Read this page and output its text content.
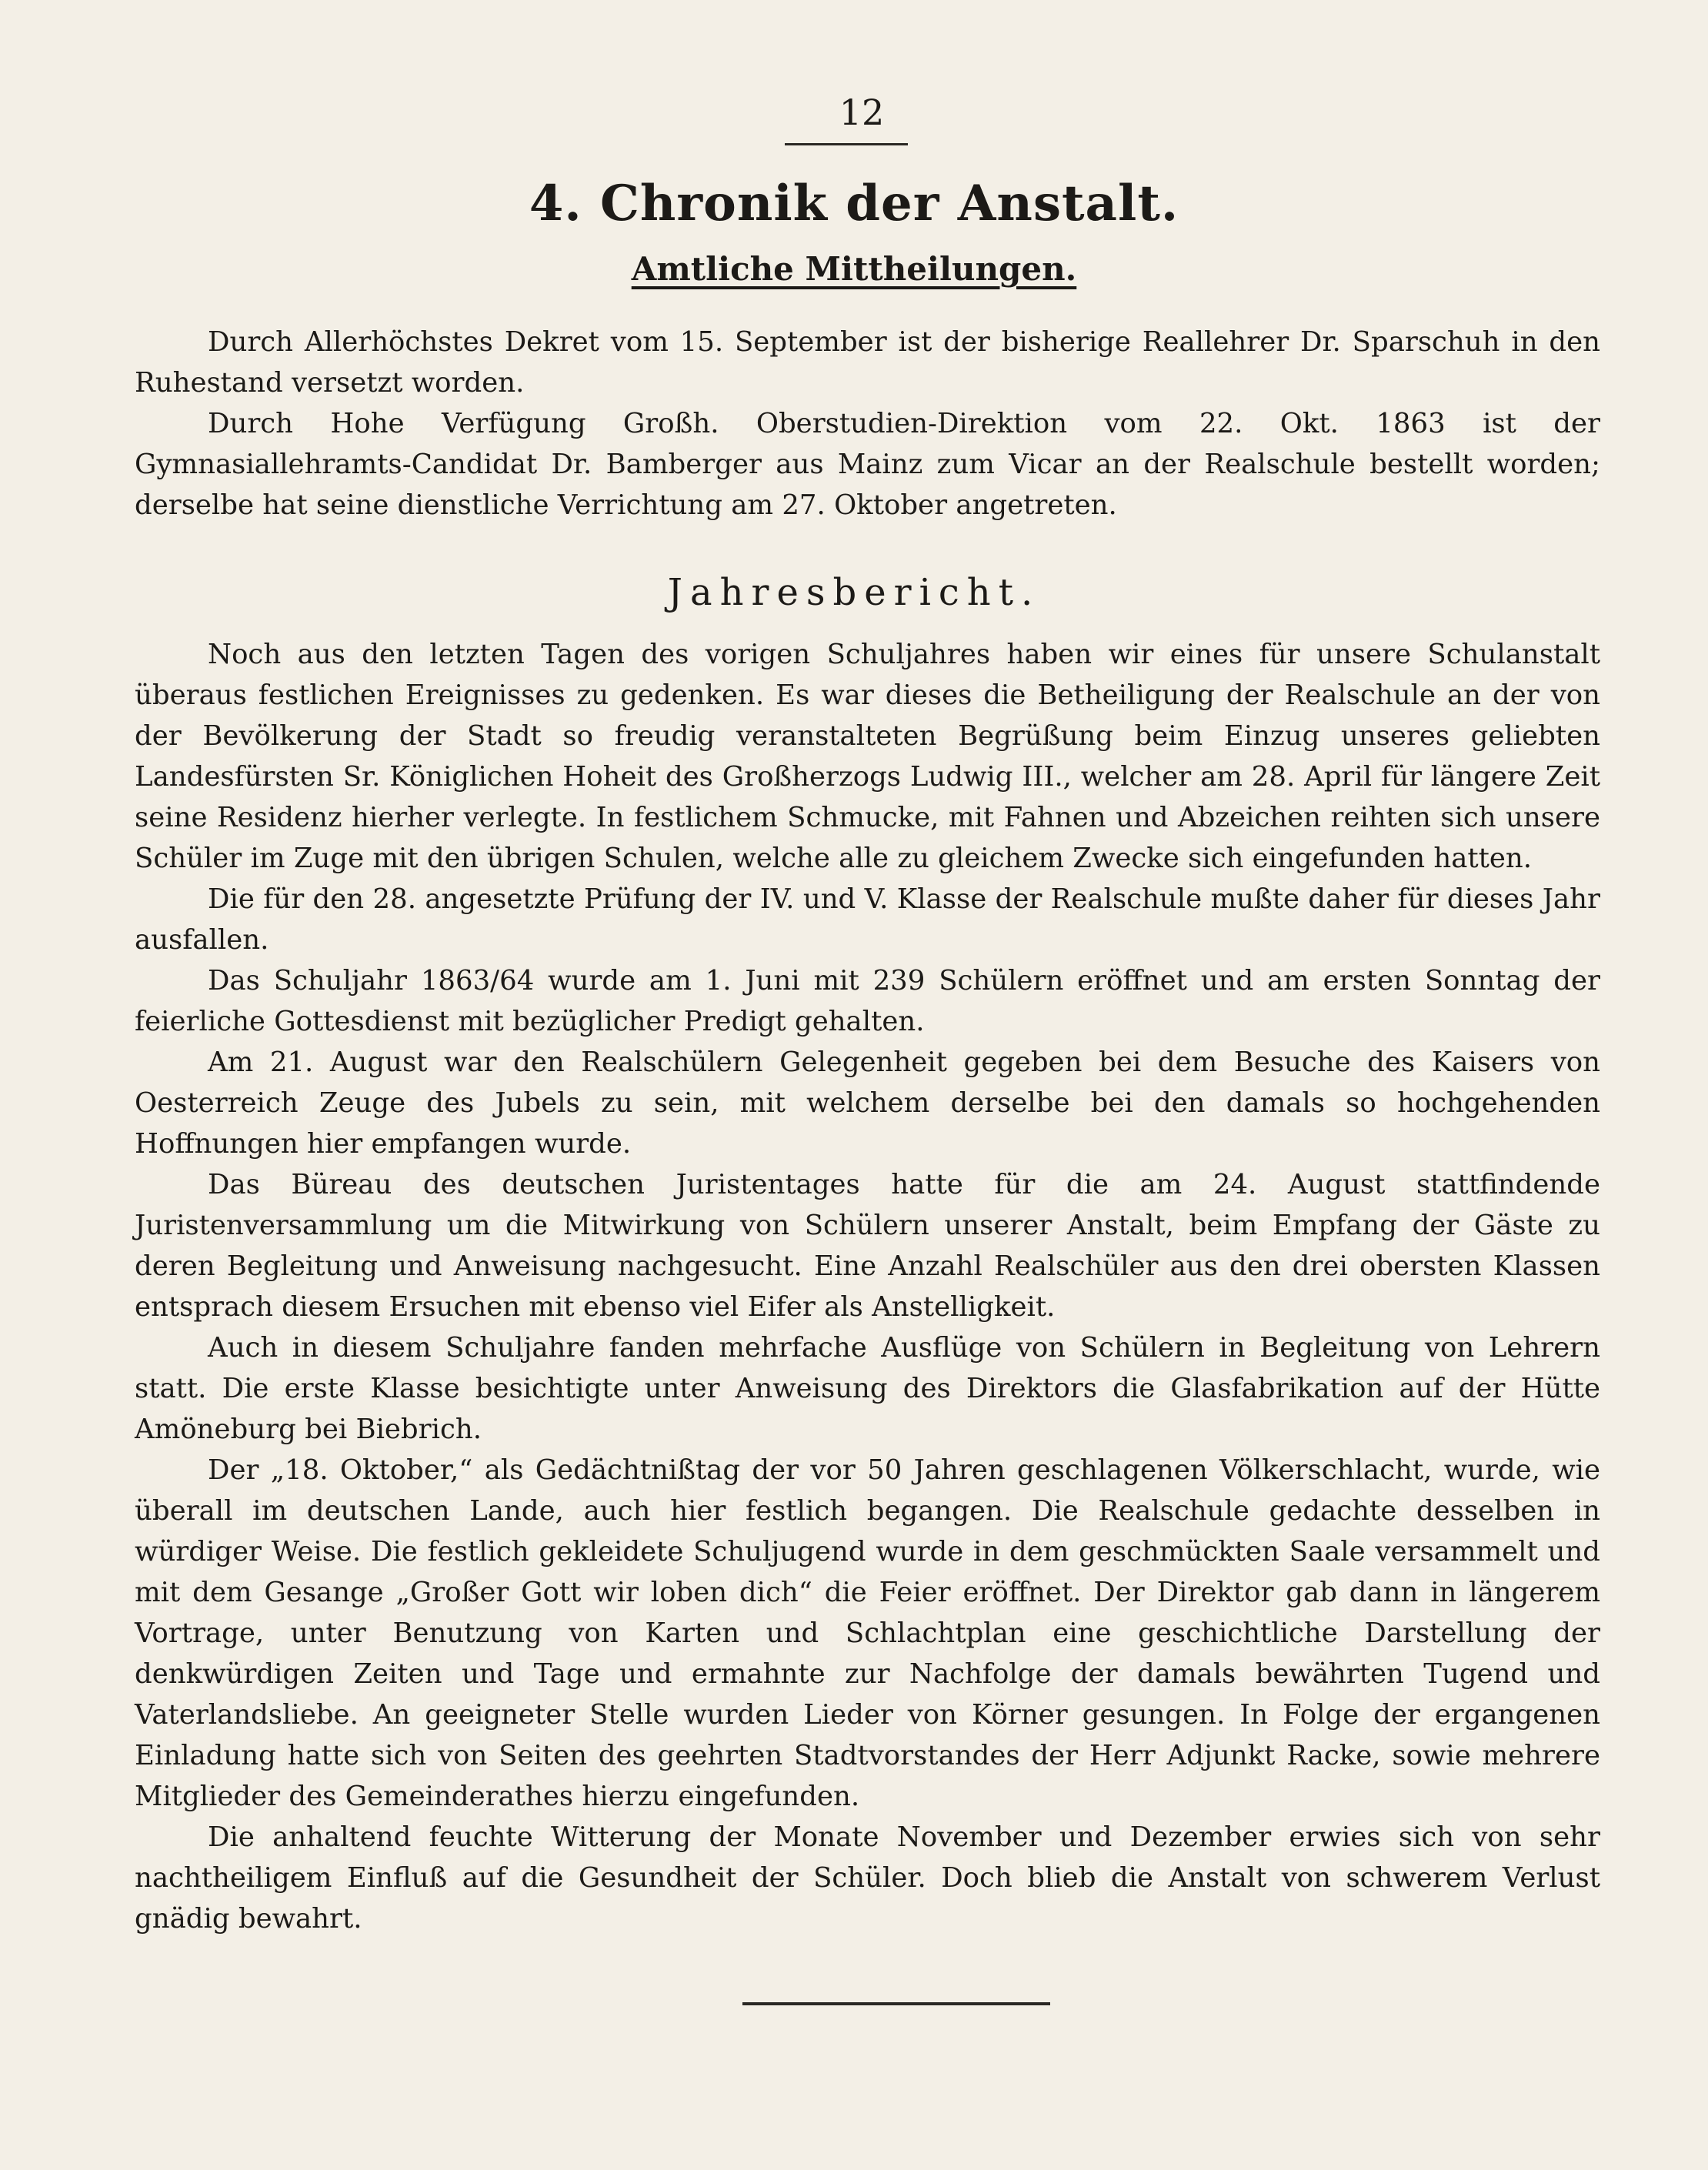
12
4. Chronik der Anstalt.
Amtliche Mittheilungen.

Durch Allerhöchstes Dekret vom 15. September ist der bisherige Reallehrer Dr. Sparschuh in den Ruhestand versetzt worden.

Durch Hohe Verfügung Großh. Oberstudien-Direktion vom 22. Okt. 1863 ist der Gymnasiallehramts-Candidat Dr. Bamberger aus Mainz zum Vicar an der Realschule bestellt worden; derselbe hat seine dienstliche Verrichtung am 27. Oktober angetreten.

Jahresbericht.

Noch aus den letzten Tagen des vorigen Schuljahres haben wir eines für unsere Schulanstalt überaus festlichen Ereignisses zu gedenken. Es war dieses die Betheiligung der Realschule an der von der Bevölkerung der Stadt so freudig veranstalteten Begrüßung beim Einzug unseres geliebten Landesfürsten Sr. Königlichen Hoheit des Großherzogs Ludwig III., welcher am 28. April für längere Zeit seine Residenz hierher verlegte. In festlichem Schmucke, mit Fahnen und Abzeichen reihten sich unsere Schüler im Zuge mit den übrigen Schulen, welche alle zu gleichem Zwecke sich eingefunden hatten.

Die für den 28. angesetzte Prüfung der IV. und V. Klasse der Realschule mußte daher für dieses Jahr ausfallen.

Das Schuljahr 1863/64 wurde am 1. Juni mit 239 Schülern eröffnet und am ersten Sonntag der feierliche Gottesdienst mit bezüglicher Predigt gehalten.

Am 21. August war den Realschülern Gelegenheit gegeben bei dem Besuche des Kaisers von Oesterreich Zeuge des Jubels zu sein, mit welchem derselbe bei den damals so hochgehenden Hoffnungen hier empfangen wurde.

Das Büreau des deutschen Juristentages hatte für die am 24. August stattfindende Juristenversammlung um die Mitwirkung von Schülern unserer Anstalt, beim Empfang der Gäste zu deren Begleitung und Anweisung nachgesucht. Eine Anzahl Realschüler aus den drei obersten Klassen entsprach diesem Ersuchen mit ebenso viel Eifer als Anstelligkeit.

Auch in diesem Schuljahre fanden mehrfache Ausflüge von Schülern in Begleitung von Lehrern statt. Die erste Klasse besichtigte unter Anweisung des Direktors die Glasfabrikation auf der Hütte Amöneburg bei Biebrich.

Der „18. Oktober,“ als Gedächtnißtag der vor 50 Jahren geschlagenen Völkerschlacht, wurde, wie überall im deutschen Lande, auch hier festlich begangen. Die Realschule gedachte desselben in würdiger Weise. Die festlich gekleidete Schuljugend wurde in dem geschmückten Saale versammelt und mit dem Gesange „Großer Gott wir loben dich“ die Feier eröffnet. Der Direktor gab dann in längerem Vortrage, unter Benutzung von Karten und Schlachtplan eine geschichtliche Darstellung der denkwürdigen Zeiten und Tage und ermahnte zur Nachfolge der damals bewährten Tugend und Vaterlandsliebe. An geeigneter Stelle wurden Lieder von Körner gesungen. In Folge der ergangenen Einladung hatte sich von Seiten des geehrten Stadtvorstandes der Herr Adjunkt Racke, sowie mehrere Mitglieder des Gemeinderathes hierzu eingefunden.

Die anhaltend feuchte Witterung der Monate November und Dezember erwies sich von sehr nachtheiligem Einfluß auf die Gesundheit der Schüler. Doch blieb die Anstalt von schwerem Verlust gnädig bewahrt.
